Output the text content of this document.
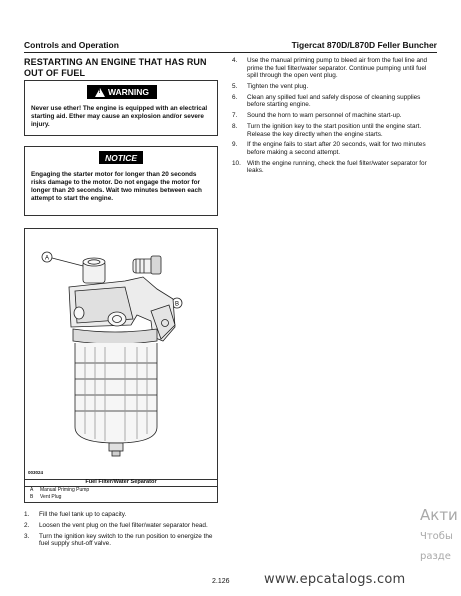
Controls and Operation	Tigercat 870D/L870D Feller Buncher
RESTARTING AN ENGINE THAT HAS RUN OUT OF FUEL
!
WARNING
Never use ether! The engine is equipped with an electrical starting aid. Ether may cause an explosion and/or severe injury.
NOTICE
Engaging the starter motor for longer than 20 seconds risks damage to the motor. Do not engage the motor for longer than 20 seconds. Wait two minutes between each attempt to start the engine.
A
B
003024
Fuel Filter/Water Separator
A Manual Priming Pump
B Vent Plug
1. Fill the fuel tank up to capacity.
2. Loosen the vent plug on the fuel filter/water separator head.
3. Turn the ignition key switch to the run position to energize the fuel supply shut-off valve.
4. Use the manual priming pump to bleed air from the fuel line and prime the fuel filter/water separator. Continue pumping until fuel spill through the open vent plug.
5. Tighten the vent plug.
6. Clean any spilled fuel and safely dispose of cleaning supplies before starting engine.
7. Sound the horn to warn personnel of machine start-up.
8. Turn the ignition key to the start position until the engine start. Release the key directly when the engine starts.
9. If the engine fails to start after 20 seconds, wait for two minutes before making a second attempt.
10. With the engine running, check the fuel filter/water separator for leaks.
2.126	www.epcatalogs.com
Акти
Чтобы
разде
